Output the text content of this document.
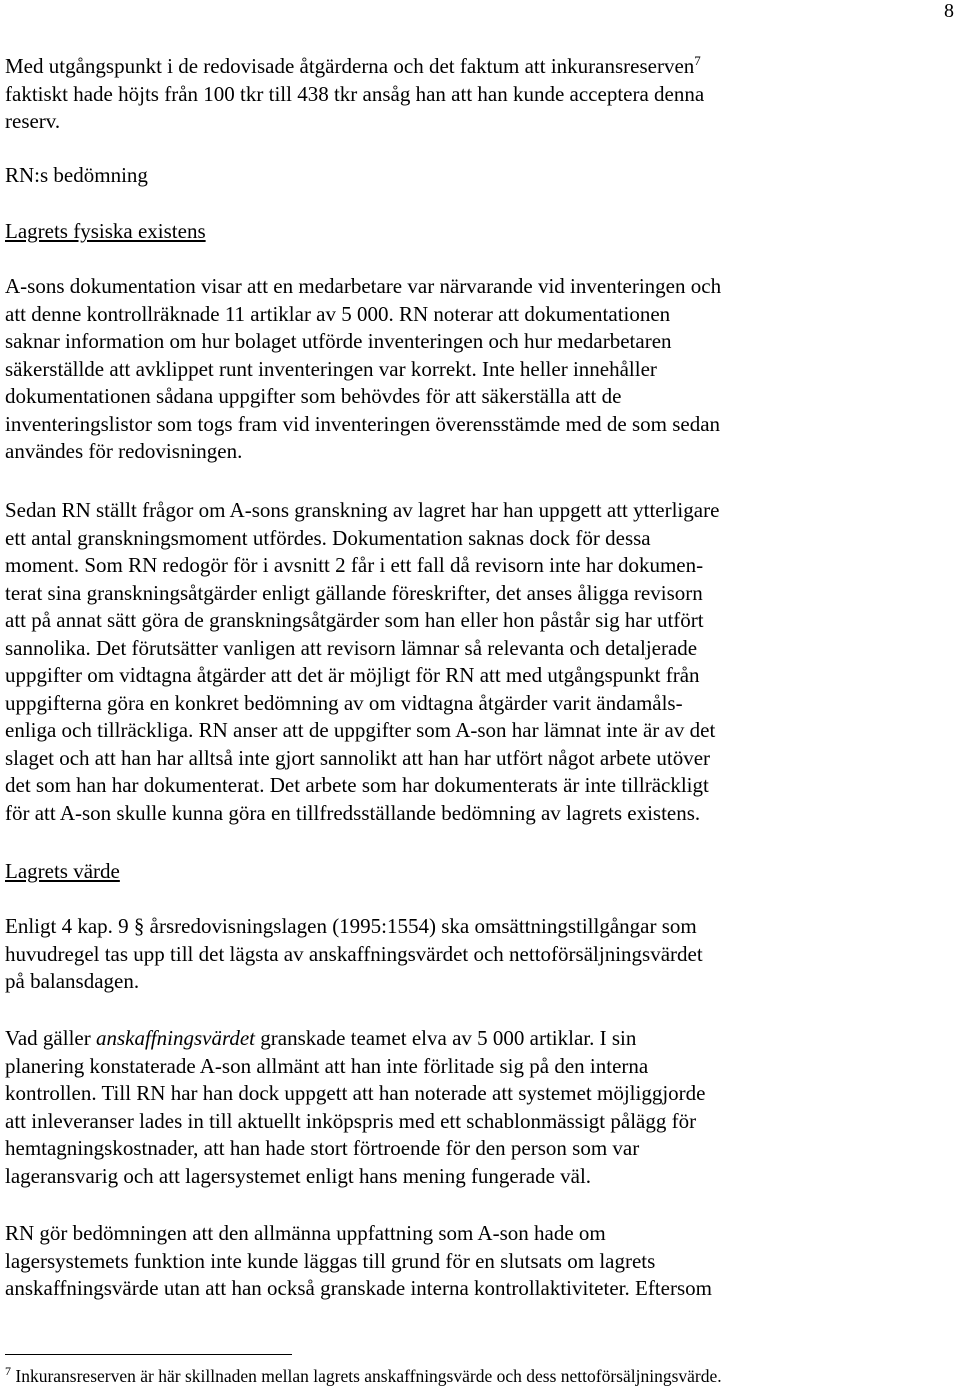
8
Med utgångspunkt i de redovisade åtgärderna och det faktum att inkuransreserven$^7$
faktiskt hade höjts från 100 tkr till 438 tkr ansåg han att han kunde acceptera denna
reserv.
RN:s bedömning
Lagrets fysiska existens
A-sons dokumentation visar att en medarbetare var närvarande vid inventeringen och
att denne kontrollräknade 11 artiklar av 5 000. RN noterar att dokumentationen
saknar information om hur bolaget utförde inventeringen och hur medarbetaren
säkerställde att avklippet runt inventeringen var korrekt. Inte heller innehåller
dokumentationen sådana uppgifter som behövdes för att säkerställa att de
inventeringslistor som togs fram vid inventeringen överensstämde med de som sedan
användes för redovisningen.
Sedan RN ställt frågor om A-sons granskning av lagret har han uppgett att ytterligare
ett antal granskningsmoment utfördes. Dokumentation saknas dock för dessa
moment. Som RN redogör för i avsnitt 2 får i ett fall då revisorn inte har dokumen-
terat sina granskningsåtgärder enligt gällande föreskrifter, det anses åligga revisorn
att på annat sätt göra de granskningsåtgärder som han eller hon påstår sig har utfört
sannolika. Det förutsätter vanligen att revisorn lämnar så relevanta och detaljerade
uppgifter om vidtagna åtgärder att det är möjligt för RN att med utgångspunkt från
uppgifterna göra en konkret bedömning av om vidtagna åtgärder varit ändamåls-
enliga och tillräckliga. RN anser att de uppgifter som A-son har lämnat inte är av det
slaget och att han har alltså inte gjort sannolikt att han har utfört något arbete utöver
det som han har dokumenterat. Det arbete som har dokumenterats är inte tillräckligt
för att A-son skulle kunna göra en tillfredsställande bedömning av lagrets existens.
Lagrets värde
Enligt 4 kap. 9 § årsredovisningslagen (1995:1554) ska omsättningstillgångar som
huvudregel tas upp till det lägsta av anskaffningsvärdet och nettoförsäljningsvärdet
på balansdagen.
Vad gäller anskaffningsvärdet granskade teamet elva av 5 000 artiklar. I sin
planering konstaterade A-son allmänt att han inte förlitade sig på den interna
kontrollen. Till RN har han dock uppgett att han noterade att systemet möjliggjorde
att inleveranser lades in till aktuellt inköpspris med ett schablonmässigt pålägg för
hemtagningskostnader, att han hade stort förtroende för den person som var
lageransvarig och att lagersystemet enligt hans mening fungerade väl.
RN gör bedömningen att den allmänna uppfattning som A-son hade om
lagersystemets funktion inte kunde läggas till grund för en slutsats om lagrets
anskaffningsvärde utan att han också granskade interna kontrollaktiviteter. Eftersom
$^7$ Inkuransreserven är här skillnaden mellan lagrets anskaffningsvärde och dess nettoförsäljningsvärde.
